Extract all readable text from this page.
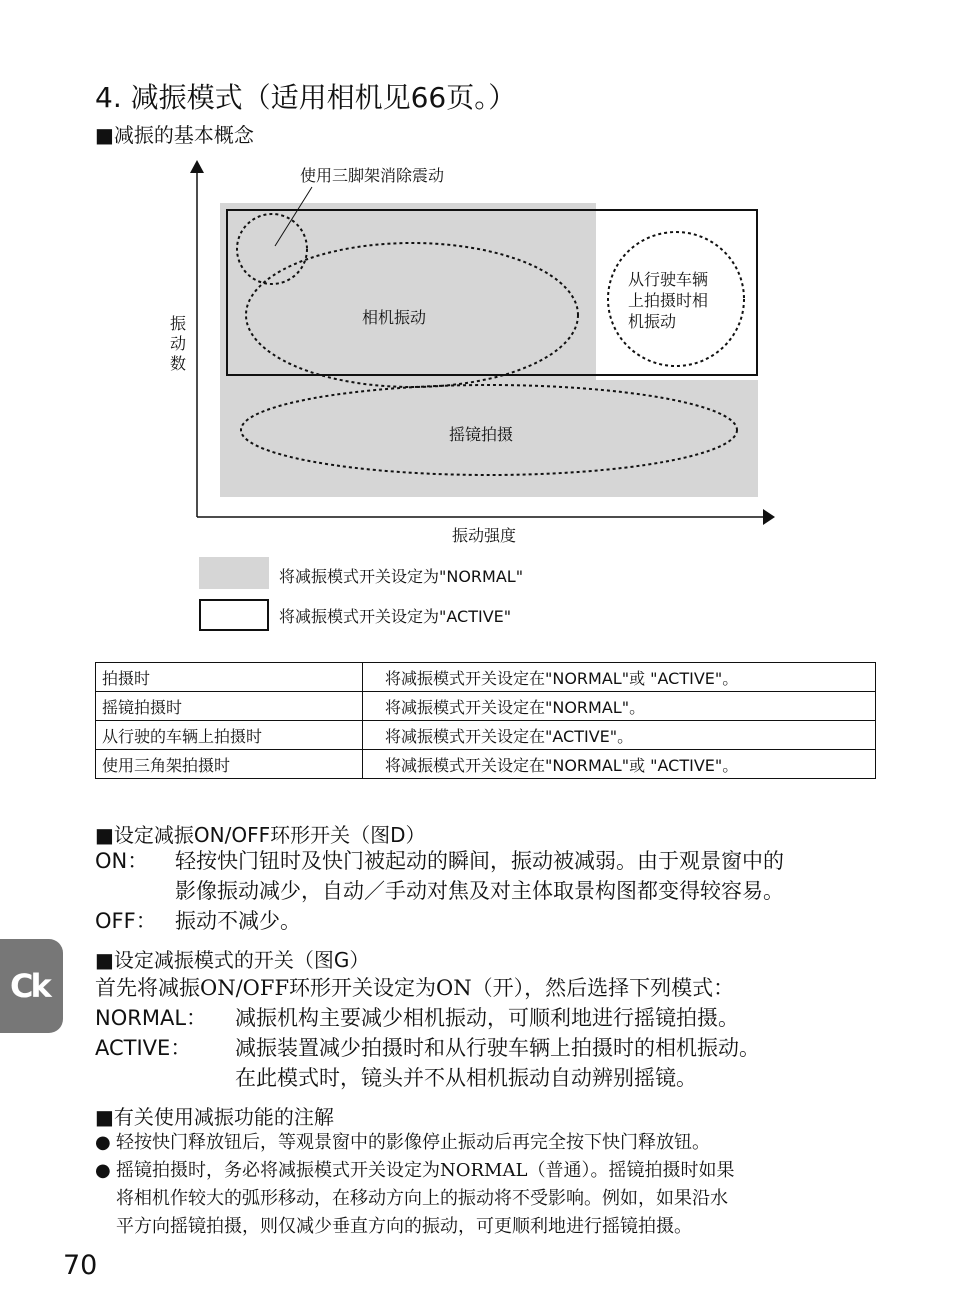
4. 减振模式（适用相机见66页。）
■减振的基本概念
使用三脚架消除震动
相机振动
从行驶车辆
上拍摄时相
机振动
摇镜拍摄
振
动
数
振动强度
将减振模式开关设定为"NORMAL"
将减振模式开关设定为"ACTIVE"
拍摄时	将减振模式开关设定在"NORMAL"或 "ACTIVE"。
摇镜拍摄时	将减振模式开关设定在"NORMAL"。
从行驶的车辆上拍摄时	将减振模式开关设定在"ACTIVE"。
使用三角架拍摄时	将减振模式开关设定在"NORMAL"或 "ACTIVE"。
■设定减振ON/OFF环形开关（图D）
ON： 轻按快门钮时及快门被起动的瞬间，振动被减弱。由于观景窗中的
影像振动减少，自动／手动对焦及对主体取景构图都变得较容易。
OFF： 振动不减少。
■设定减振模式的开关（图G）
首先将减振ON/OFF环形开关设定为ON（开），然后选择下列模式：
NORMAL： 减振机构主要减少相机振动，可顺利地进行摇镜拍摄。
ACTIVE： 减振装置减少拍摄时和从行驶车辆上拍摄时的相机振动。
在此模式时，镜头并不从相机振动自动辨别摇镜。
■有关使用减振功能的注解
● 轻按快门释放钮后，等观景窗中的影像停止振动后再完全按下快门释放钮。
● 摇镜拍摄时，务必将减振模式开关设定为NORMAL（普通）。摇镜拍摄时如果
将相机作较大的弧形移动，在移动方向上的振动将不受影响。例如，如果沿水
平方向摇镜拍摄，则仅减少垂直方向的振动，可更顺利地进行摇镜拍摄。
Ck
70
